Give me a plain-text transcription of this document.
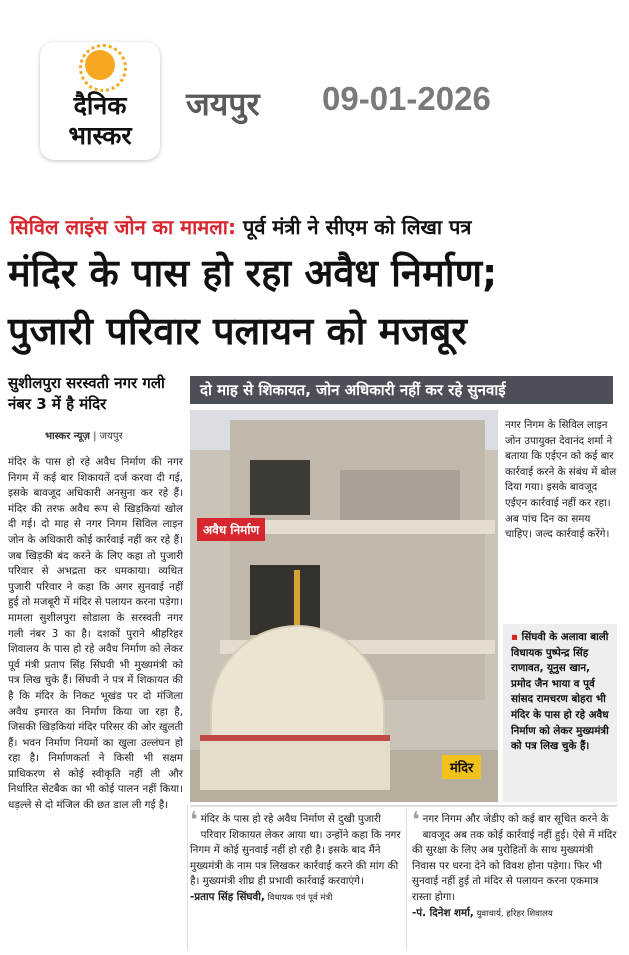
दैनिक
भास्कर
जयपुर 09-01-2026
सिविल लाइंस जोन का मामला: पूर्व मंत्री ने सीएम को लिखा पत्र
मंदिर के पास हो रहा अवैध निर्माण;
पुजारी परिवार पलायन को मजबूर
सुशीलपुरा सरस्वती नगर गली नंबर 3 में है मंदिर
भास्कर न्यूज़ | जयपुर
दो माह से शिकायत, जोन अधिकारी नहीं कर रहे सुनवाई
मंदिर के पास हो रहे अवैध निर्माण की नगर निगम में कई बार शिकायतें दर्ज करवा दी गई, इसके बावजूद अधिकारी अनसुना कर रहे हैं। मंदिर की तरफ अवैध रूप से खिड़कियां खोल दी गई। दो माह से नगर निगम सिविल लाइन जोन के अधिकारी कोई कार्रवाई नहीं कर रहे हैं। जब खिड़की बंद करने के लिए कहा तो पुजारी परिवार से अभद्रता कर धमकाया। व्यथित पुजारी परिवार ने कहा कि अगर सुनवाई नहीं हुई तो मजबूरी में मंदिर से पलायन करना पड़ेगा। मामला सुशीलपुरा सोडाला के सरस्वती नगर गली नंबर 3 का है। दशकों पुराने श्रीहरिहर शिवालय के पास हो रहे अवैध निर्माण को लेकर पूर्व मंत्री प्रताप सिंह सिंघवी भी मुख्यमंत्री को पत्र लिख चुके हैं। सिंघवी ने पत्र में शिकायत की है कि मंदिर के निकट भूखंड पर दो मंजिला अवैध इमारत का निर्माण किया जा रहा है, जिसकी खिड़कियां मंदिर परिसर की ओर खुलती हैं। भवन निर्माण नियमों का खुला उल्लंघन हो रहा है। निर्माणकर्ता ने किसी भी सक्षम प्राधिकरण से कोई स्वीकृति नहीं ली और निर्धारित सेटबैक का भी कोई पालन नहीं किया। धड़ल्ले से दो मंजिल की छत डाल ली गई है।
अवैध निर्माण
मंदिर
नगर निगम के सिविल लाइन जोन उपायुक्त देवानंद शर्मा ने बताया कि एईएन को कई बार कार्रवाई करने के संबंध में बोल दिया गया। इसके बावजूद एईएन कार्रवाई नहीं कर रहा। अब पांच दिन का समय चाहिए। जल्द कार्रवाई करेंगे।
▪ सिंघवी के अलावा बाली विधायक पुष्पेन्द्र सिंह राणावत, यूनुस खान, प्रमोद जैन भाया व पूर्व सांसद रामचरण बोहरा भी मंदिर के पास हो रहे अवैध निर्माण को लेकर मुख्यमंत्री को पत्र लिख चुके हैं।
❛ मंदिर के पास हो रहे अवैध निर्माण से दुखी पुजारी परिवार शिकायत लेकर आया था। उन्होंने कहा कि नगर निगम में कोई सुनवाई नहीं हो रही है। इसके बाद मैंने मुख्यमंत्री के नाम पत्र लिखकर कार्रवाई करने की मांग की है। मुख्यमंत्री शीघ्र ही प्रभावी कार्रवाई करवाएंगे।
-प्रताप सिंह सिंघवी, विधायक एवं पूर्व मंत्री
❛ नगर निगम और जेडीए को कई बार सूचित करने के बावजूद अब तक कोई कार्रवाई नहीं हुई। ऐसे में मंदिर की सुरक्षा के लिए अब पुरोहितों के साथ मुख्यमंत्री निवास पर धरना देने को विवश होना पड़ेगा। फिर भी सुनवाई नहीं हुई तो मंदिर से पलायन करना एकमात्र रास्ता होगा।
-पं. दिनेश शर्मा, युवाचार्य, हरिहर शिवालय
